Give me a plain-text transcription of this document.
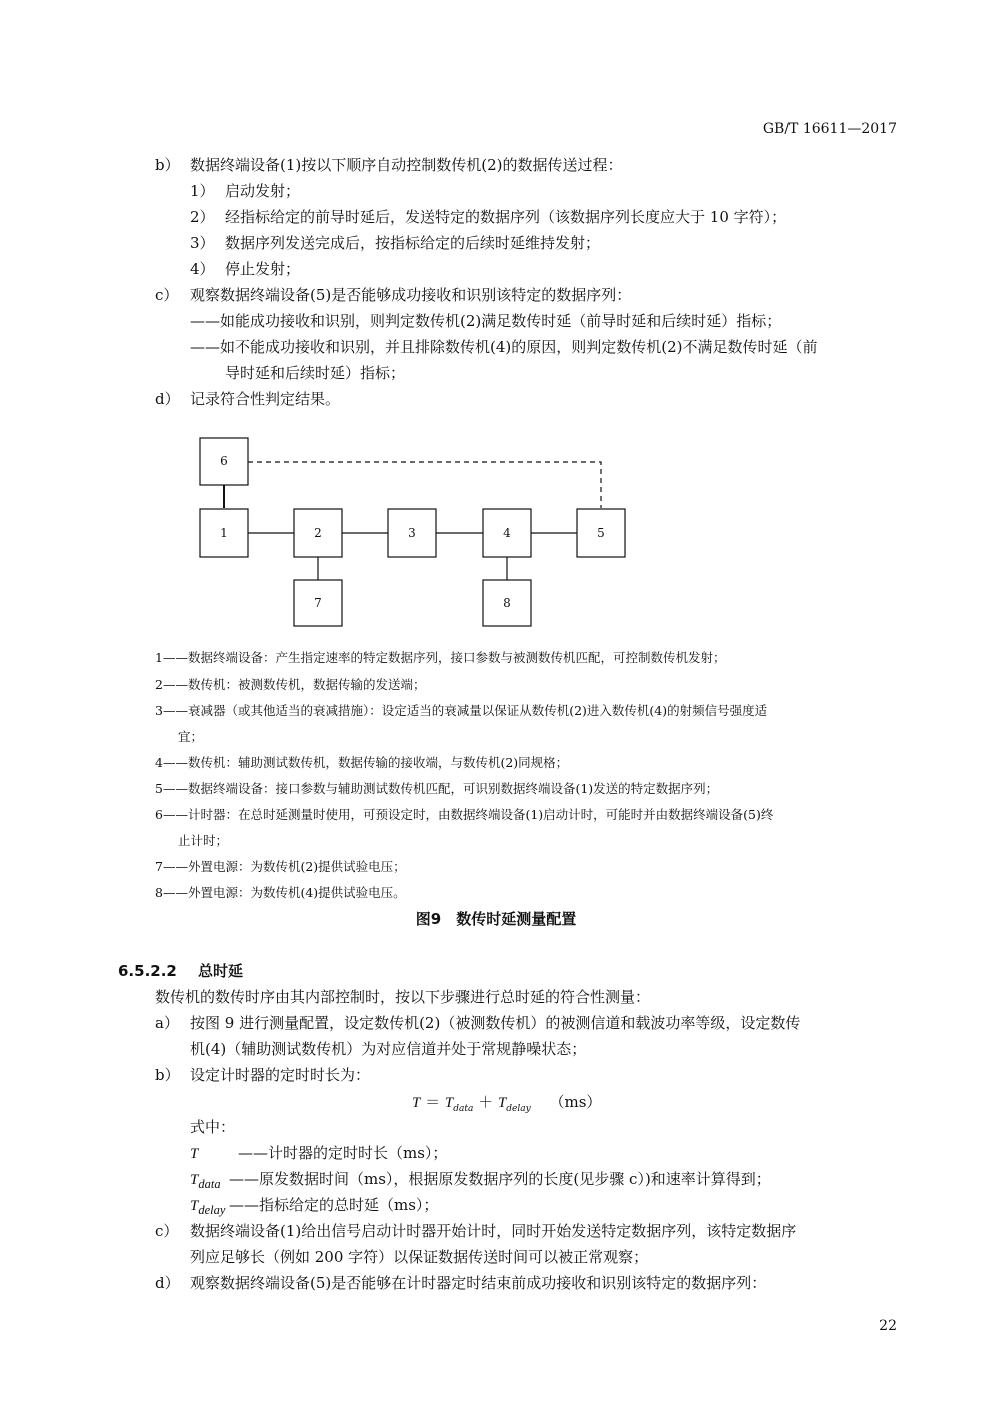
GB/T 16611—2017
b） 数据终端设备(1)按以下顺序自动控制数传机(2)的数据传送过程：
1） 启动发射；
2） 经指标给定的前导时延后，发送特定的数据序列（该数据序列长度应大于 10 字符）；
3） 数据序列发送完成后，按指标给定的后续时延维持发射；
4） 停止发射；
c） 观察数据终端设备(5)是否能够成功接收和识别该特定的数据序列：
——如能成功接收和识别，则判定数传机(2)满足数传时延（前导时延和后续时延）指标；
——如不能成功接收和识别，并且排除数传机(4)的原因，则判定数传机(2)不满足数传时延（前
导时延和后续时延）指标；
d） 记录符合性判定结果。
6
1	2	3	4	5
7	8
1——数据终端设备：产生指定速率的特定数据序列，接口参数与被测数传机匹配，可控制数传机发射；
2——数传机：被测数传机，数据传输的发送端；
3——衰减器（或其他适当的衰减措施）：设定适当的衰减量以保证从数传机(2)进入数传机(4)的射频信号强度适
宜；
4——数传机：辅助测试数传机，数据传输的接收端，与数传机(2)同规格；
5——数据终端设备：接口参数与辅助测试数传机匹配，可识别数据终端设备(1)发送的特定数据序列；
6——计时器：在总时延测量时使用，可预设定时，由数据终端设备(1)启动计时，可能时并由数据终端设备(5)终
止计时；
7——外置电源：为数传机(2)提供试验电压；
8——外置电源：为数传机(4)提供试验电压。
图9　数传时延测量配置
6.5.2.2 总时延
数传机的数传时序由其内部控制时，按以下步骤进行总时延的符合性测量：
a） 按图 9 进行测量配置，设定数传机(2)（被测数传机）的被测信道和载波功率等级，设定数传
机(4)（辅助测试数传机）为对应信道并处于常规静噪状态；
b） 设定计时器的定时时长为：
$T = T_{data} + T_{delay}$ （ms）
式中：
T	——计时器的定时时长（ms）；
$T_{data}$ ——原发数据时间（ms），根据原发数据序列的长度(见步骤 c）)和速率计算得到；
$T_{delay}$ ——指标给定的总时延（ms）；
c） 数据终端设备(1)给出信号启动计时器开始计时，同时开始发送特定数据序列，该特定数据序
列应足够长（例如 200 字符）以保证数据传送时间可以被正常观察；
d） 观察数据终端设备(5)是否能够在计时器定时结束前成功接收和识别该特定的数据序列：
22
